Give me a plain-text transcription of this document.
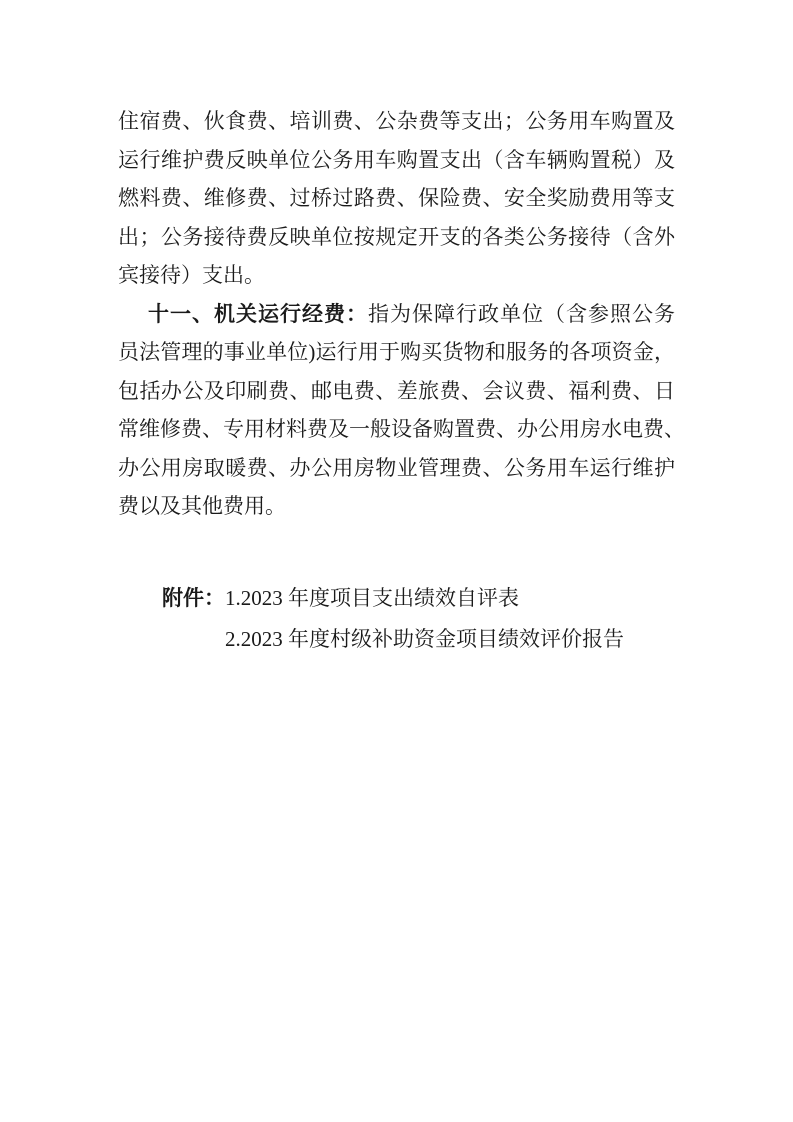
住宿费、伙食费、培训费、公杂费等支出；公务用车购置及
运行维护费反映单位公务用车购置支出（含车辆购置税）及
燃料费、维修费、过桥过路费、保险费、安全奖励费用等支
出；公务接待费反映单位按规定开支的各类公务接待（含外
宾接待）支出。
十一、机关运行经费：指为保障行政单位（含参照公务
员法管理的事业单位)运行用于购买货物和服务的各项资金，
包括办公及印刷费、邮电费、差旅费、会议费、福利费、日
常维修费、专用材料费及一般设备购置费、办公用房水电费、
办公用房取暖费、办公用房物业管理费、公务用车运行维护
费以及其他费用。
附件：1.2023 年度项目支出绩效自评表
2.2023 年度村级补助资金项目绩效评价报告
